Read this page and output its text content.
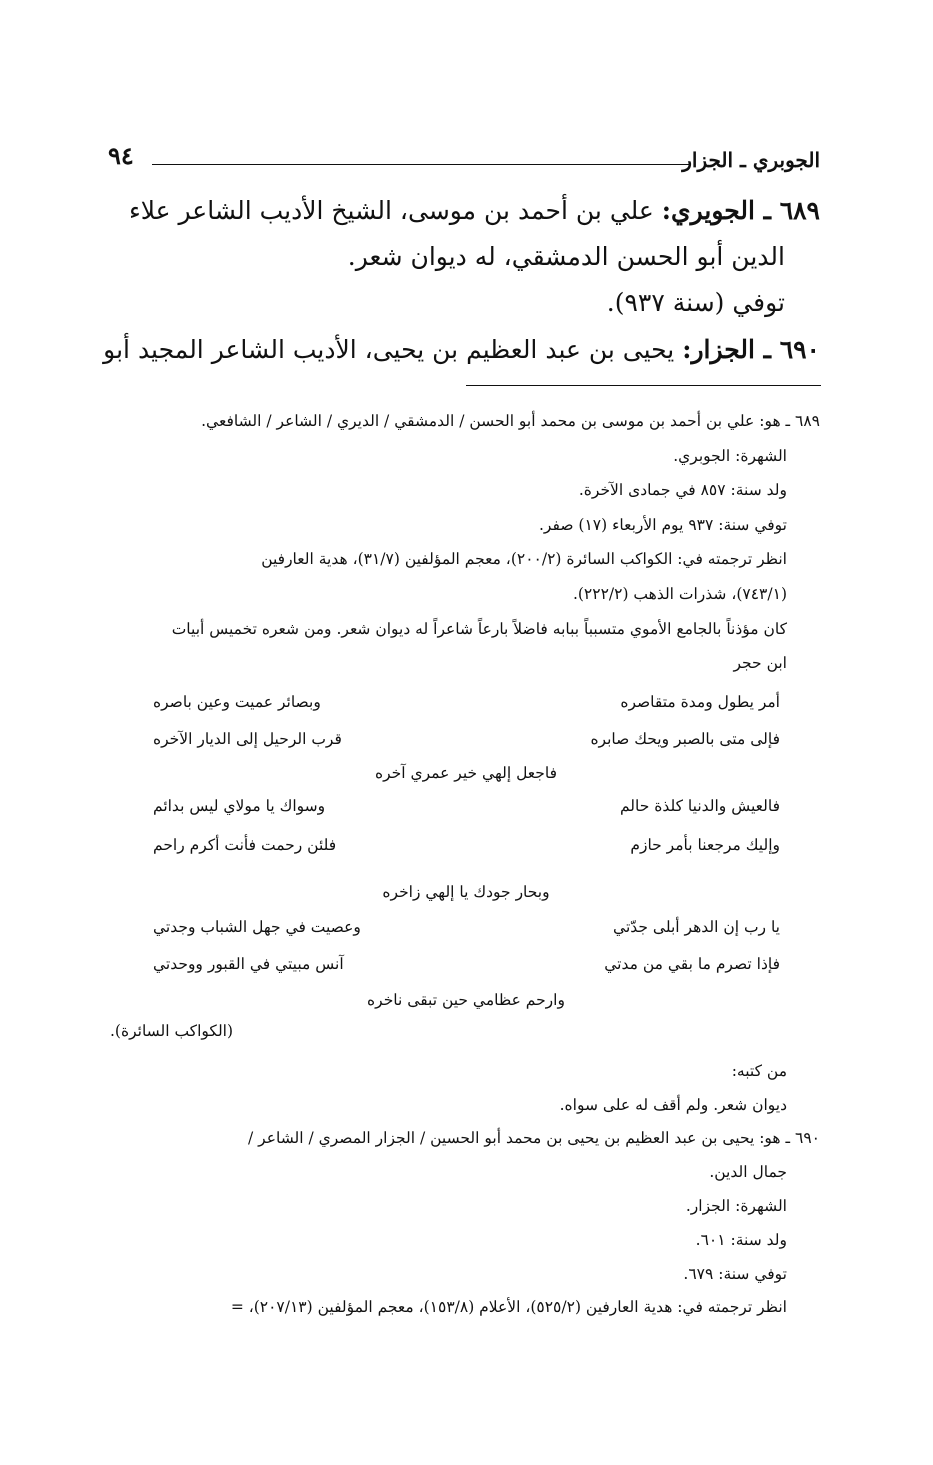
الجوبري ـ الجزار
٩٤
٦٨٩ ـ الجويري: علي بن أحمد بن موسى، الشيخ الأديب الشاعر علاء
الدين أبو الحسن الدمشقي، له ديوان شعر.
توفي (سنة ٩٣٧).
٦٩٠ ـ الجزار: يحيى بن عبد العظيم بن يحيى، الأديب الشاعر المجيد أبو
٦٨٩ ـ هو: علي بن أحمد بن موسى بن محمد أبو الحسن / الدمشقي / الديري / الشاعر / الشافعي.
الشهرة: الجوبري.
ولد سنة: ٨٥٧ في جمادى الآخرة.
توفي سنة: ٩٣٧ يوم الأربعاء (١٧) صفر.
انظر ترجمته في: الكواكب السائرة (٢٠٠/٢)، معجم المؤلفين (٣١/٧)، هدية العارفين
(٧٤٣/١)، شذرات الذهب (٢٢٢/٢).
كان مؤذناً بالجامع الأموي متسبباً ببابه فاضلاً بارعاً شاعراً له ديوان شعر. ومن شعره تخميس أبيات
ابن حجر
أمر يطول ومدة متقاصره
وبصائر عميت وعين باصره
فإلى متى بالصبر ويحك صابره
قرب الرحيل إلى الديار الآخره
فاجعل إلهي خير عمري آخره
فالعيش والدنيا كلذة حالم
وسواك يا مولاي ليس بدائم
وإليك مرجعنا بأمر حازم
فلئن رحمت فأنت أكرم راحم
وبحار جودك يا إلهي زاخره
يا رب إن الدهر أبلى جدّتي
وعصيت في جهل الشباب وجدتي
فإذا تصرم ما بقي من مدتي
آنس مبيتي في القبور ووحدتي
وارحم عظامي حين تبقى ناخره
(الكواكب السائرة).
من كتبه:
ديوان شعر. ولم أقف له على سواه.
٦٩٠ ـ هو: يحيى بن عبد العظيم بن يحيى بن محمد أبو الحسين / الجزار المصري / الشاعر /
جمال الدين.
الشهرة: الجزار.
ولد سنة: ٦٠١.
توفي سنة: ٦٧٩.
انظر ترجمته في: هدية العارفين (٥٢٥/٢)، الأعلام (١٥٣/٨)، معجم المؤلفين (٢٠٧/١٣)، =
